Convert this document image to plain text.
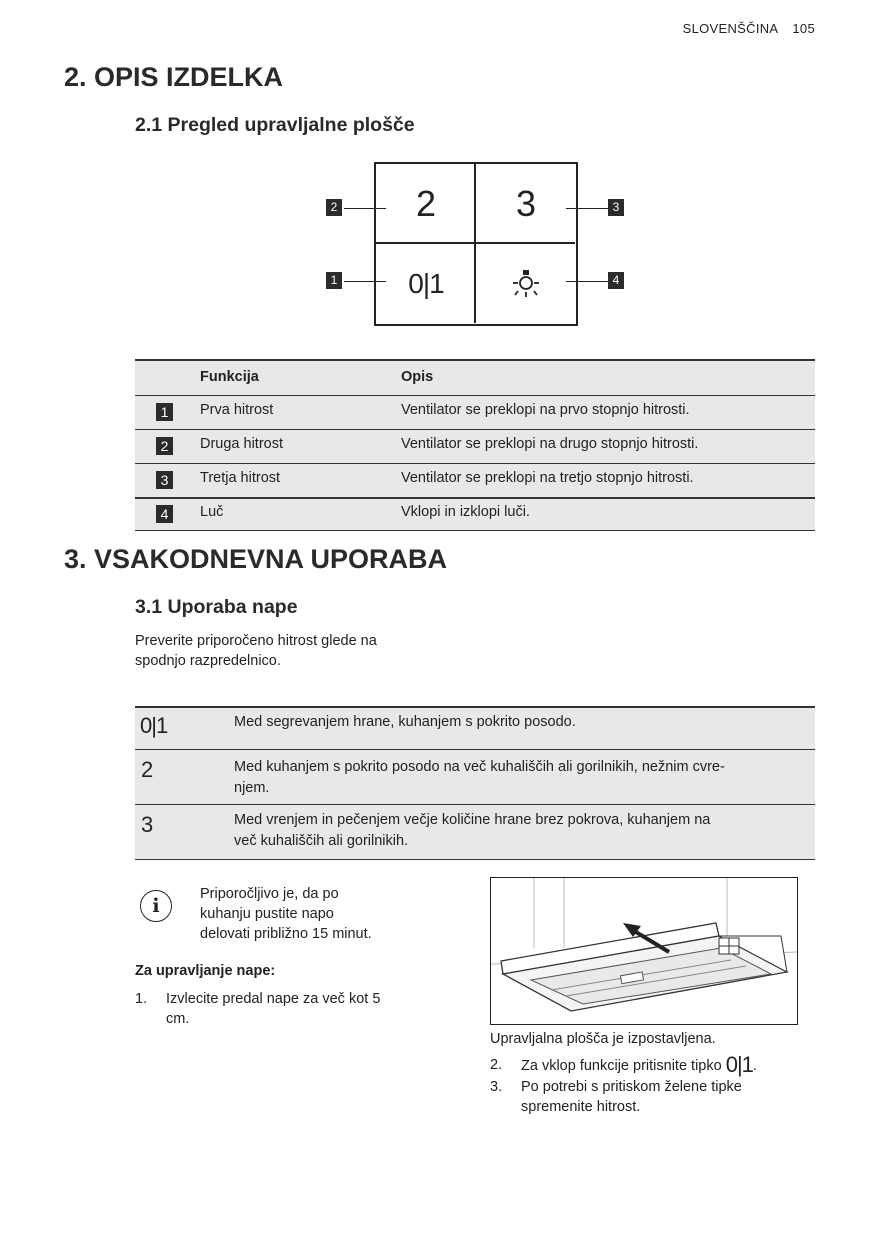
SLOVENŠČINA 105
2. OPIS IZDELKA
2.1 Pregled upravljalne plošče
2 3
0|1
2	3
1	4
Funkcija	Opis
1	Prva hitrost	Ventilator se preklopi na prvo stopnjo hitrosti.
2	Druga hitrost	Ventilator se preklopi na drugo stopnjo hitrosti.
3	Tretja hitrost	Ventilator se preklopi na tretjo stopnjo hitrosti.
4	Luč	Vklopi in izklopi luči.
3. VSAKODNEVNA UPORABA
3.1 Uporaba nape
Preverite priporočeno hitrost glede na
spodnjo razpredelnico.
0|1	Med segrevanjem hrane, kuhanjem s pokrito posodo.
2	Med kuhanjem s pokrito posodo na več kuhališčih ali gorilnikih, nežnim cvre-
njem.
3	Med vrenjem in pečenjem večje količine hrane brez pokrova, kuhanjem na
več kuhališčih ali gorilnikih.
i
Priporočljivo je, da po
kuhanju pustite napo
delovati približno 15 minut.
Za upravljanje nape:
1. Izvlecite predal nape za več kot 5
cm.
Upravljalna plošča je izpostavljena.
2. Za vklop funkcije pritisnite tipko 0|1.
3. Po potrebi s pritiskom želene tipke
spremenite hitrost.
